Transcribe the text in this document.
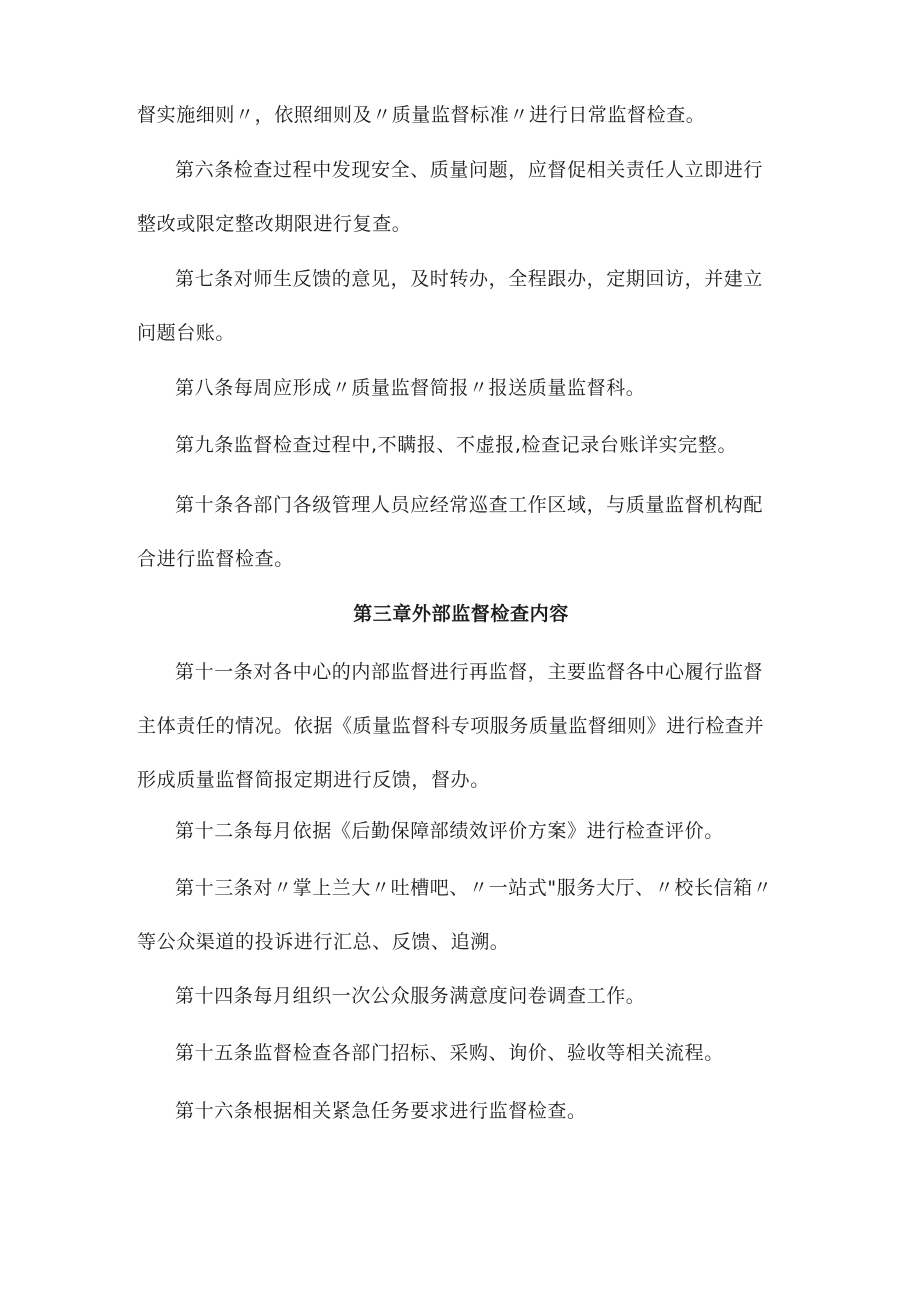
督实施细则〃，依照细则及〃质量监督标准〃进行日常监督检查。

第六条检查过程中发现安全、质量问题，应督促相关责任人立即进行
整改或限定整改期限进行复查。

第七条对师生反馈的意见，及时转办，全程跟办，定期回访，并建立
问题台账。

第八条每周应形成〃质量监督简报〃报送质量监督科。

第九条监督检查过程中,不瞒报、不虚报,检查记录台账详实完整。

第十条各部门各级管理人员应经常巡查工作区域，与质量监督机构配
合进行监督检查。

第三章外部监督检查内容

第十一条对各中心的内部监督进行再监督，主要监督各中心履行监督
主体责任的情况。依据《质量监督科专项服务质量监督细则》进行检查并
形成质量监督简报定期进行反馈，督办。

第十二条每月依据《后勤保障部绩效评价方案》进行检查评价。

第十三条对〃掌上兰大〃吐槽吧、〃一站式"服务大厅、〃校长信箱〃
等公众渠道的投诉进行汇总、反馈、追溯。

第十四条每月组织一次公众服务满意度问卷调查工作。

第十五条监督检查各部门招标、采购、询价、验收等相关流程。

第十六条根据相关紧急任务要求进行监督检查。
